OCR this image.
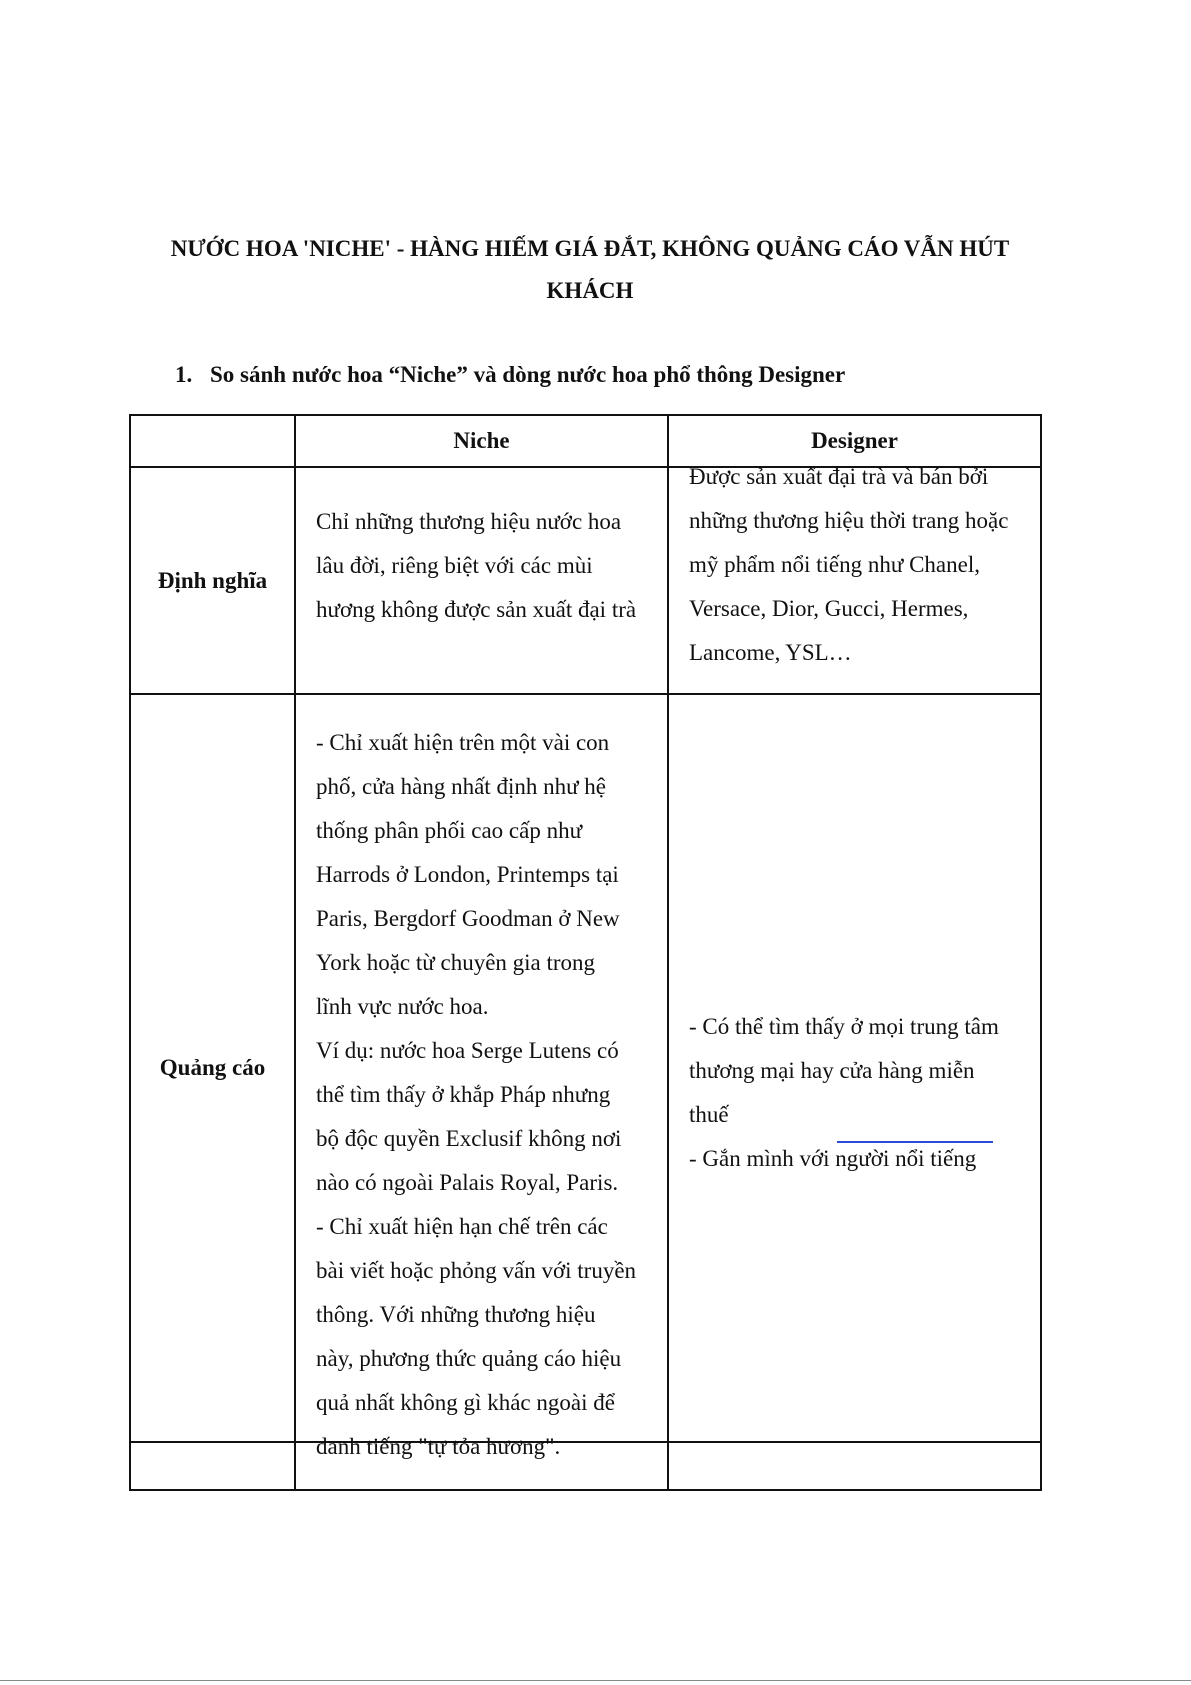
NƯỚC HOA 'NICHE' - HÀNG HIẾM GIÁ ĐẮT, KHÔNG QUẢNG CÁO VẪN HÚT KHÁCH
1. So sánh nước hoa “Niche” và dòng nước hoa phổ thông Designer
Niche	Designer
Định nghĩa
Chỉ những thương hiệu nước hoa
lâu đời, riêng biệt với các mùi
hương không được sản xuất đại trà
Được sản xuất đại trà và bán bởi
những thương hiệu thời trang hoặc
mỹ phẩm nổi tiếng như Chanel,
Versace, Dior, Gucci, Hermes,
Lancome, YSL…
Quảng cáo
- Chỉ xuất hiện trên một vài con
phố, cửa hàng nhất định như hệ
thống phân phối cao cấp như
Harrods ở London, Printemps tại
Paris, Bergdorf Goodman ở New
York hoặc từ chuyên gia trong
lĩnh vực nước hoa.
Ví dụ: nước hoa Serge Lutens có
thể tìm thấy ở khắp Pháp nhưng
bộ độc quyền Exclusif không nơi
nào có ngoài Palais Royal, Paris.
- Chỉ xuất hiện hạn chế trên các
bài viết hoặc phỏng vấn với truyền
thông. Với những thương hiệu
này, phương thức quảng cáo hiệu
quả nhất không gì khác ngoài để
danh tiếng "tự tỏa hương".
- Có thể tìm thấy ở mọi trung tâm
thương mại hay cửa hàng miễn
thuế
- Gắn mình với người nổi tiếng
